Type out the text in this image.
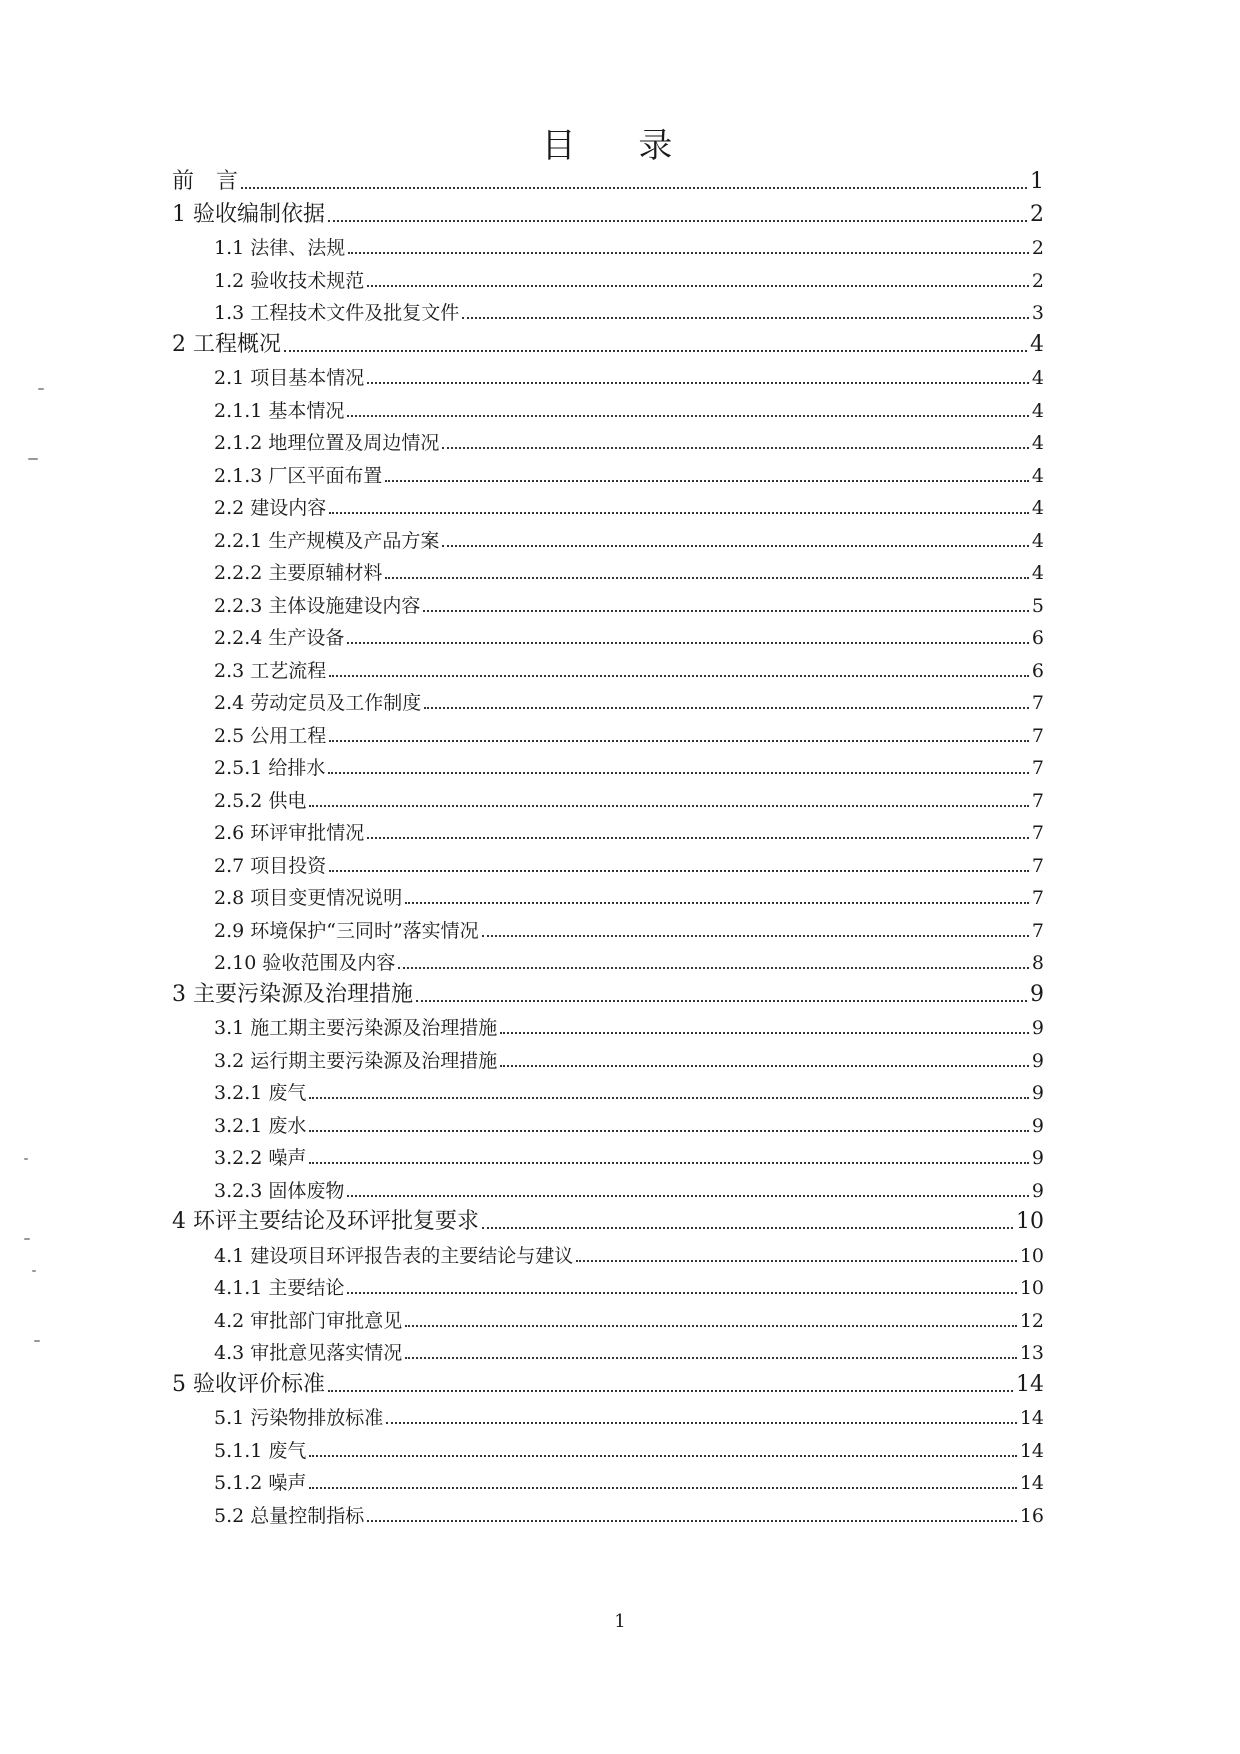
目 录
前　言	1
1 验收编制依据	2
1.1 法律、法规	2
1.2 验收技术规范	2
1.3 工程技术文件及批复文件	3
2 工程概况	4
2.1 项目基本情况	4
2.1.1 基本情况	4
2.1.2 地理位置及周边情况	4
2.1.3 厂区平面布置	4
2.2 建设内容	4
2.2.1 生产规模及产品方案	4
2.2.2 主要原辅材料	4
2.2.3 主体设施建设内容	5
2.2.4 生产设备	6
2.3 工艺流程	6
2.4 劳动定员及工作制度	7
2.5 公用工程	7
2.5.1 给排水	7
2.5.2 供电	7
2.6 环评审批情况	7
2.7 项目投资	7
2.8 项目变更情况说明	7
2.9 环境保护“三同时”落实情况	7
2.10 验收范围及内容	8
3 主要污染源及治理措施	9
3.1 施工期主要污染源及治理措施	9
3.2 运行期主要污染源及治理措施	9
3.2.1 废气	9
3.2.1 废水	9
3.2.2 噪声	9
3.2.3 固体废物	9
4 环评主要结论及环评批复要求	10
4.1 建设项目环评报告表的主要结论与建议	10
4.1.1 主要结论	10
4.2 审批部门审批意见	12
4.3 审批意见落实情况	13
5 验收评价标准	14
5.1 污染物排放标准	14
5.1.1 废气	14
5.1.2 噪声	14
5.2 总量控制指标	16
1
